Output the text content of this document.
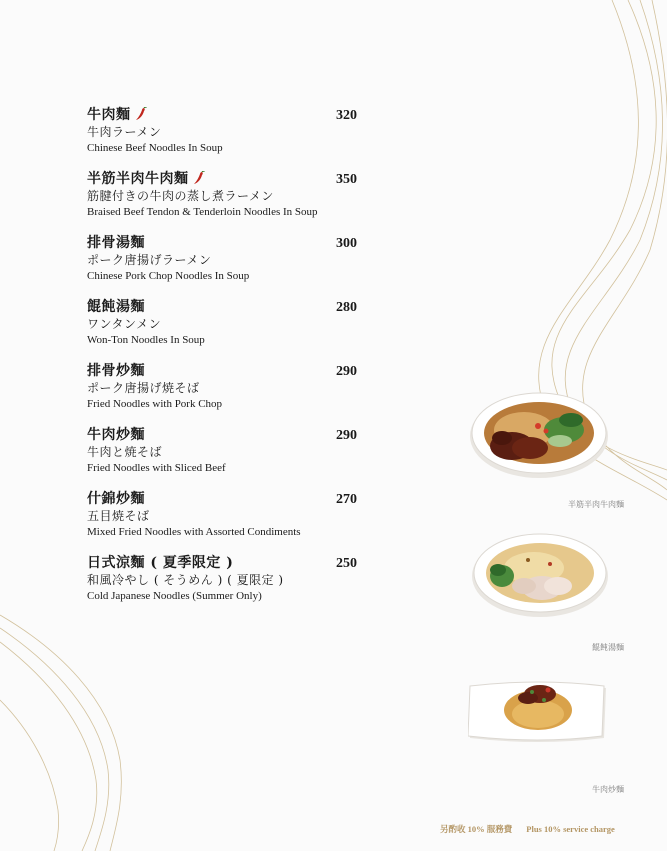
牛肉麵	320
牛肉ラーメン
Chinese Beef Noodles In Soup
半筋半肉牛肉麵	350
筋腱付きの牛肉の蒸し煮ラーメン
Braised Beef Tendon & Tenderloin Noodles In Soup
排骨湯麵	300
ポーク唐揚げラーメン
Chinese Pork Chop Noodles In Soup
餛飩湯麵	280
ワンタンメン
Won-Ton Noodles In Soup
排骨炒麵	290
ポーク唐揚げ焼そば
Fried Noodles with Pork Chop
牛肉炒麵	290
牛肉と焼そば
Fried Noodles with Sliced Beef
什錦炒麵	270
五目焼そば
Mixed Fried Noodles with Assorted Condiments
日式涼麵 ( 夏季限定 )	250
和風冷やし ( そうめん ) ( 夏限定 )
Cold Japanese Noodles (Summer Only)
半筋半肉牛肉麵
餛飩湯麵
牛肉炒麵
另酌收 10% 服務費 Plus 10% service charge
